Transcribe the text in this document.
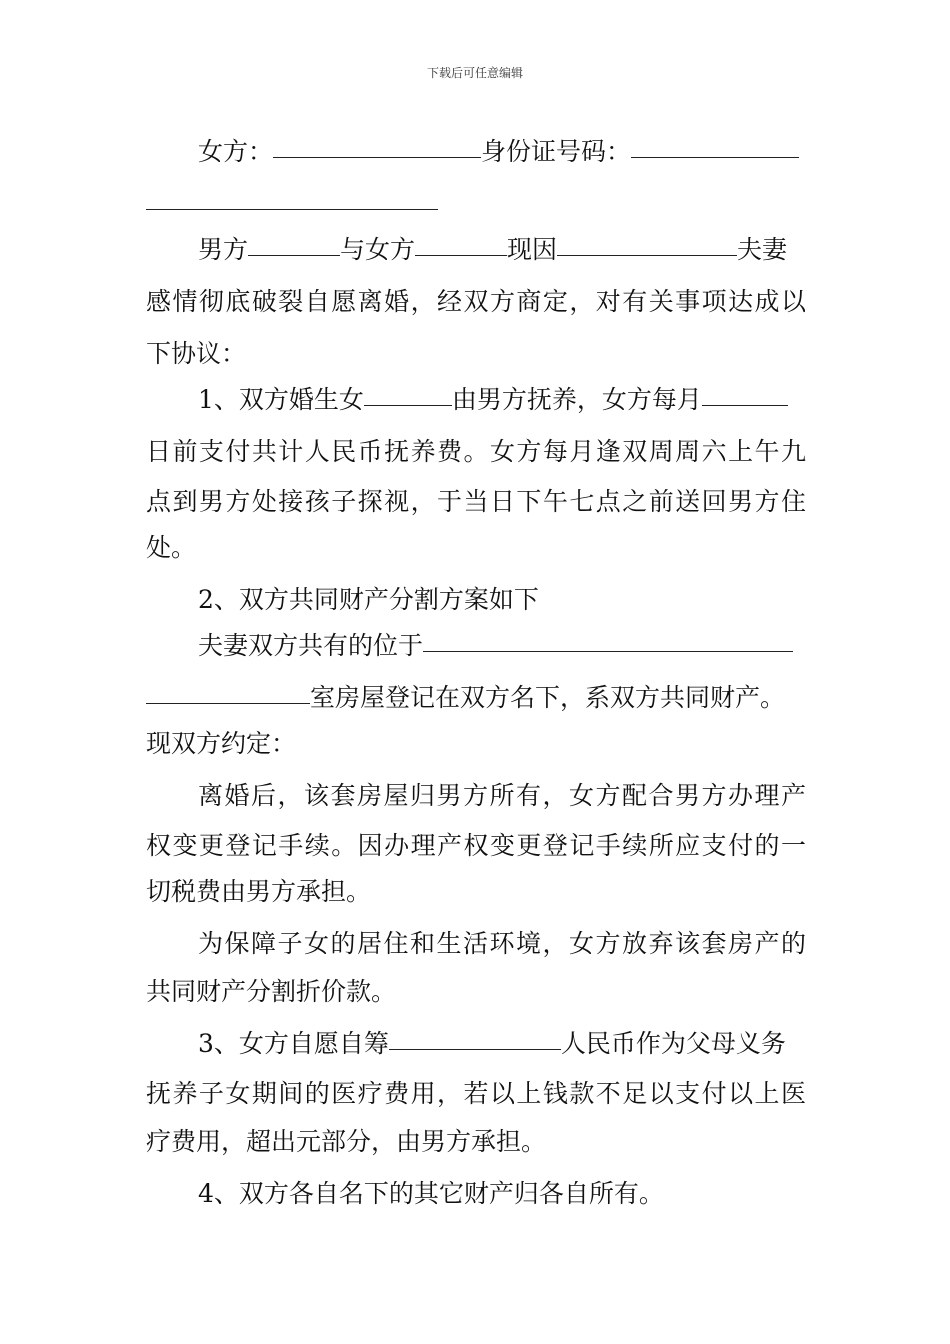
下载后可任意编辑
女方：	身份证号码：
男方	与女方	现因	夫妻
感情彻底破裂自愿离婚，经双方商定，对有关事项达成以
下协议：
1、双方婚生女	由男方抚养，女方每月
日前支付共计人民币抚养费。女方每月逢双周周六上午九
点到男方处接孩子探视，于当日下午七点之前送回男方住
处。
2、双方共同财产分割方案如下
夫妻双方共有的位于
室房屋登记在双方名下，系双方共同财产。
现双方约定：
离婚后，该套房屋归男方所有，女方配合男方办理产
权变更登记手续。因办理产权变更登记手续所应支付的一
切税费由男方承担。
为保障子女的居住和生活环境，女方放弃该套房产的
共同财产分割折价款。
3、女方自愿自筹	人民币作为父母义务
抚养子女期间的医疗费用，若以上钱款不足以支付以上医
疗费用，超出元部分，由男方承担。
4、双方各自名下的其它财产归各自所有。
